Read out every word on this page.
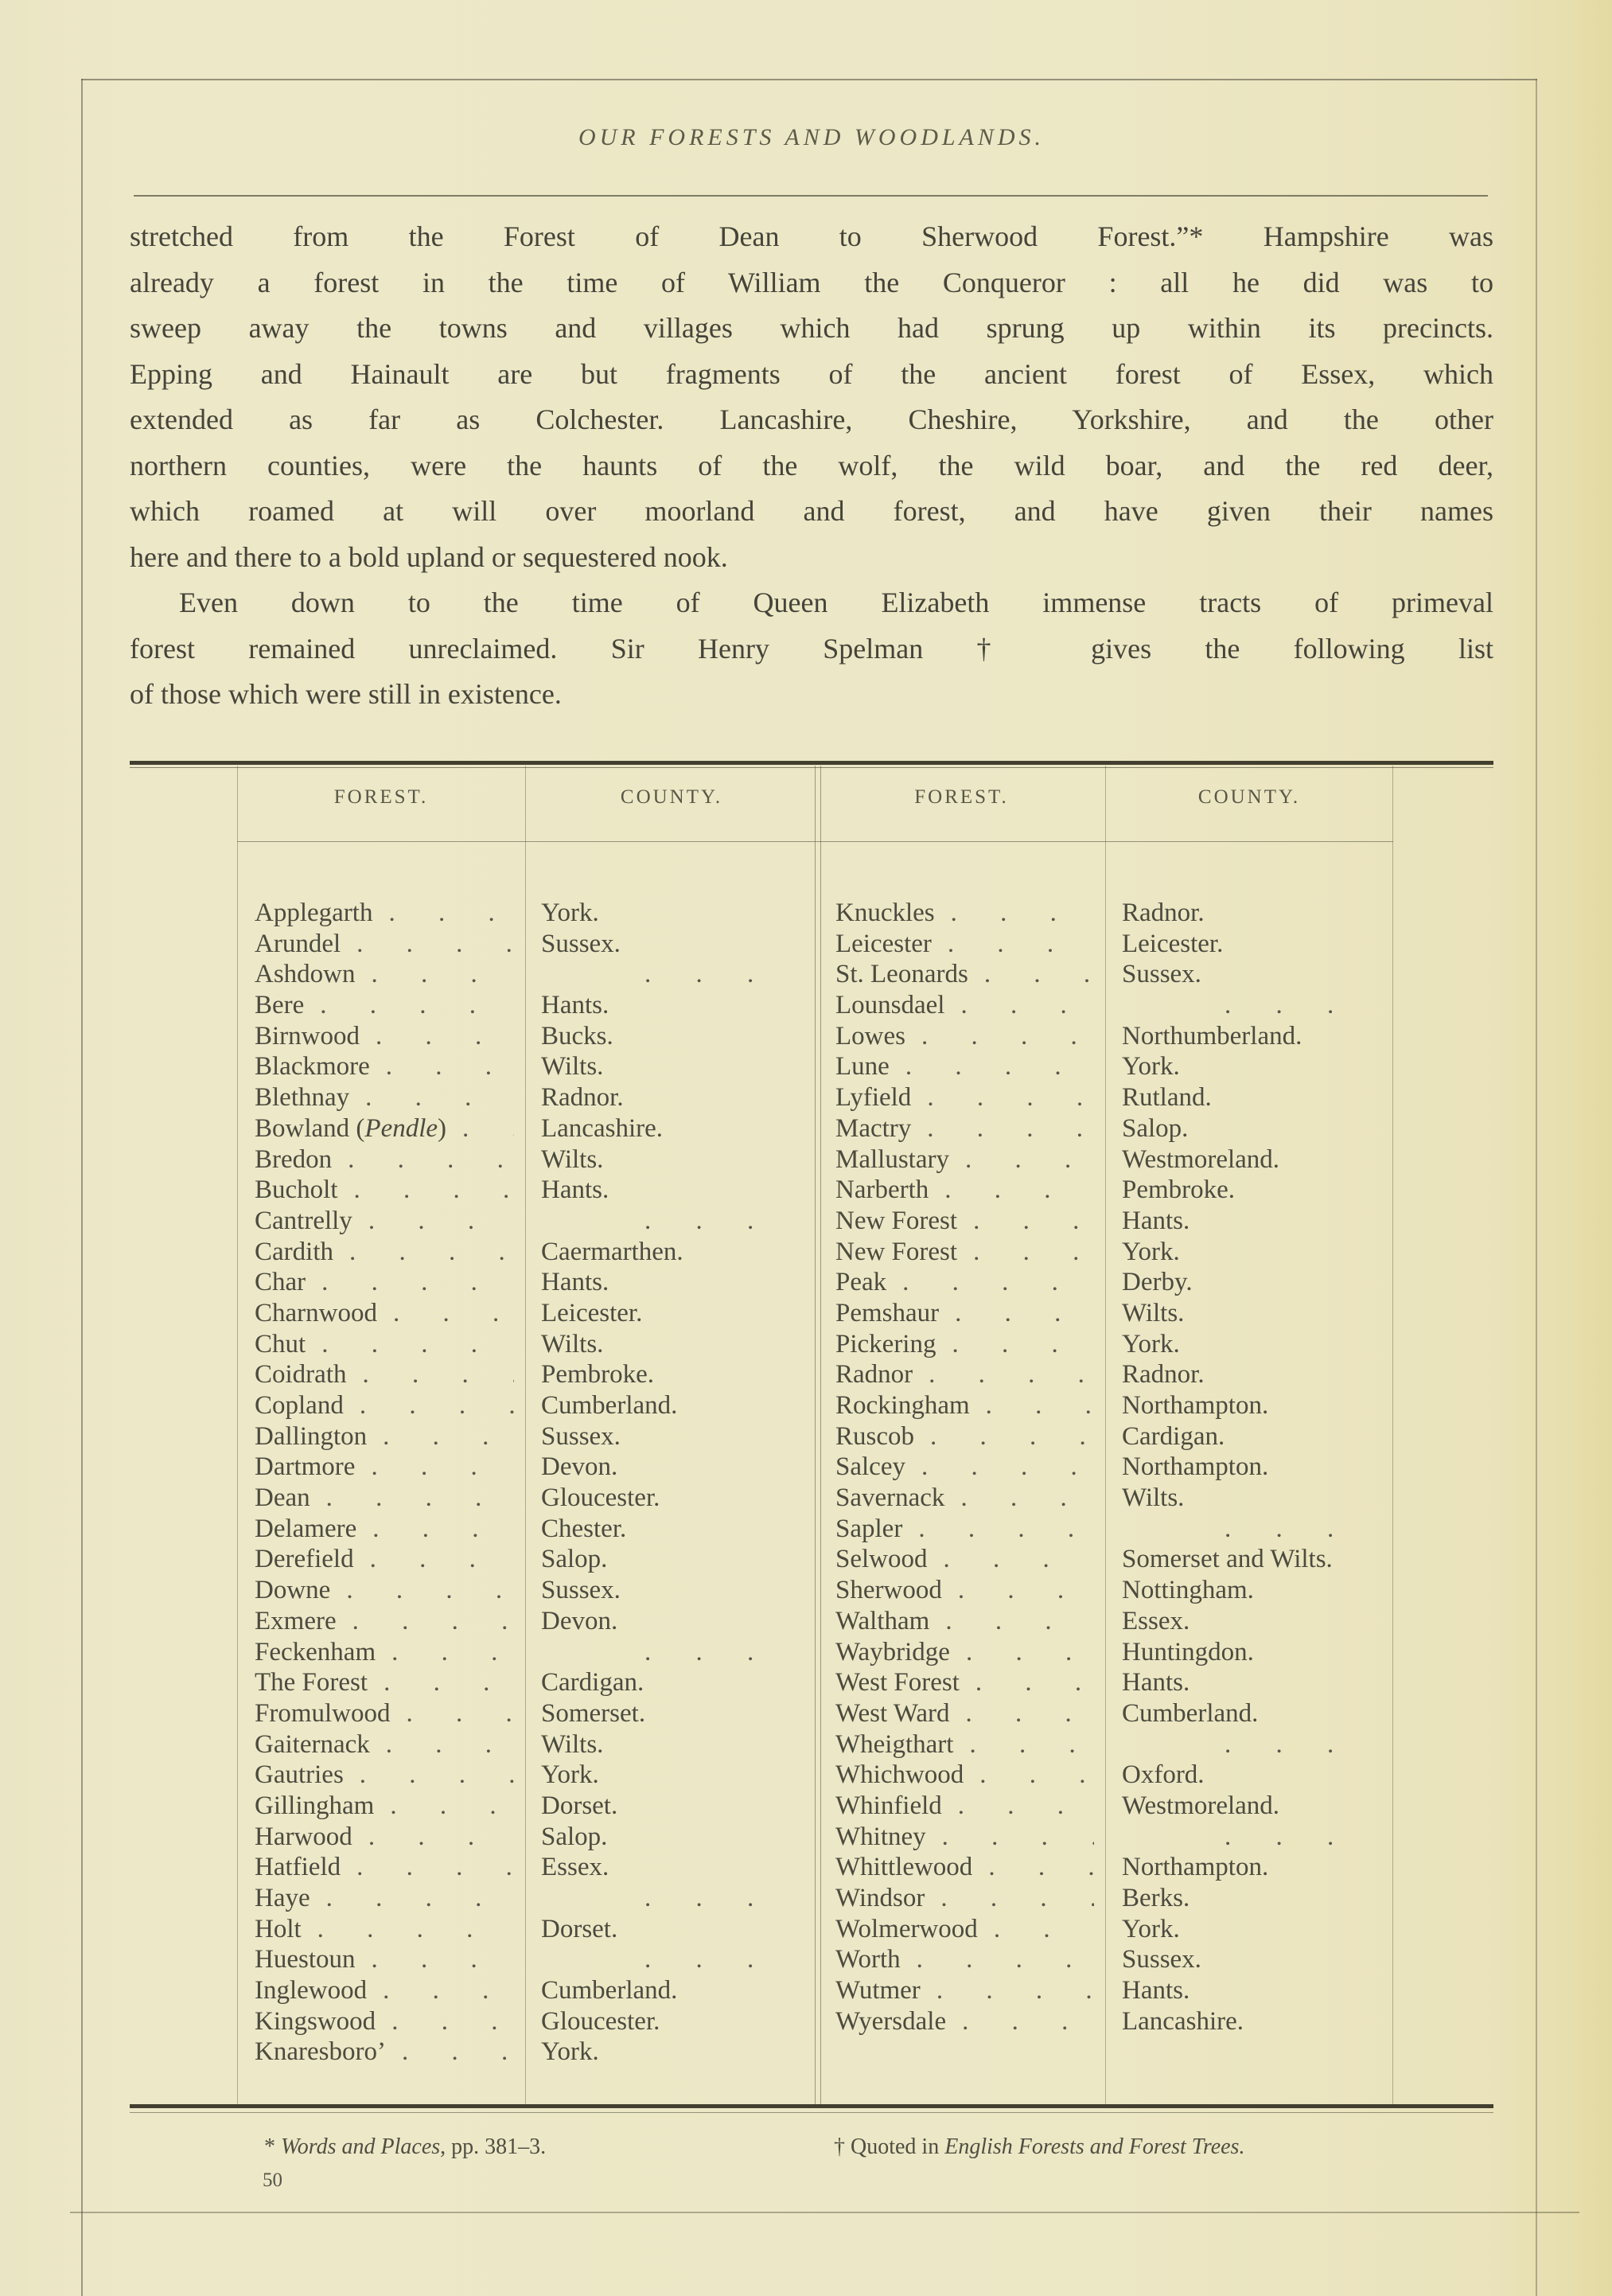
OUR FORESTS AND WOODLANDS.
stretched from the Forest of Dean to Sherwood Forest.”* Hampshire was
already a forest in the time of William the Conqueror : all he did was to
sweep away the towns and villages which had sprung up within its precincts.
Epping and Hainault are but fragments of the ancient forest of Essex, which
extended as far as Colchester. Lancashire, Cheshire, Yorkshire, and the other
northern counties, were the haunts of the wolf, the wild boar, and the red deer,
which roamed at will over moorland and forest, and have given their names
here and there to a bold upland or sequestered nook.
Even down to the time of Queen Elizabeth immense tracts of primeval
forest remained unreclaimed. Sir Henry Spelman † gives the following list
of those which were still in existence.
FOREST.	COUNTY.	FOREST.	COUNTY.
Applegarth . . .	York.	Knuckles . . .	Radnor.
Arundel . . .	Sussex.	Leicester . . .	Leicester.
Ashdown . . .	. . .	St. Leonards . . .	Sussex.
Bere . . .	Hants.	Lounsdael . . .	. . .
Birnwood . . .	Bucks.	Lowes . . .	Northumberland.
Blackmore . . .	Wilts.	Lune . . .	York.
Blethnay . . .	Radnor.	Lyfield . . .	Rutland.
Bowland (Pendle) . . .	Lancashire.	Mactry . . .	Salop.
Bredon . . .	Wilts.	Mallustary . . .	Westmoreland.
Bucholt . . .	Hants.	Narberth . . .	Pembroke.
Cantrelly . . .	. . .	New Forest . . .	Hants.
Cardith . . .	Caermarthen.	New Forest . . .	York.
Char . . .	Hants.	Peak . . .	Derby.
Charnwood . . .	Leicester.	Pemshaur . . .	Wilts.
Chut . . .	Wilts.	Pickering . . .	York.
Coidrath . . .	Pembroke.	Radnor . . .	Radnor.
Copland . . .	Cumberland.	Rockingham . . .	Northampton.
Dallington . . .	Sussex.	Ruscob . . .	Cardigan.
Dartmore . . .	Devon.	Salcey . . .	Northampton.
Dean . . .	Gloucester.	Savernack . . .	Wilts.
Delamere . . .	Chester.	Sapler . . .	. . .
Derefield . . .	Salop.	Selwood . . .	Somerset and Wilts.
Downe . . .	Sussex.	Sherwood . . .	Nottingham.
Exmere . . .	Devon.	Waltham . . .	Essex.
Feckenham . . .	. . .	Waybridge . . .	Huntingdon.
The Forest . . .	Cardigan.	West Forest . . .	Hants.
Fromulwood . . .	Somerset.	West Ward . . .	Cumberland.
Gaiternack . . .	Wilts.	Wheigthart . . .	. . .
Gautries . . .	York.	Whichwood . . .	Oxford.
Gillingham . . .	Dorset.	Whinfield . . .	Westmoreland.
Harwood . . .	Salop.	Whitney . . .	. . .
Hatfield . . .	Essex.	Whittlewood . . .	Northampton.
Haye . . .	. . .	Windsor . . .	Berks.
Holt . . .	Dorset.	Wolmerwood . . .	York.
Huestoun . . .	. . .	Worth . . .	Sussex.
Inglewood . . .	Cumberland.	Wutmer . . .	Hants.
Kingswood . . .	Gloucester.	Wyersdale . . .	Lancashire.
Knaresboro’ . . .	York.
* Words and Places, pp. 381–3.	† Quoted in English Forests and Forest Trees.
50
